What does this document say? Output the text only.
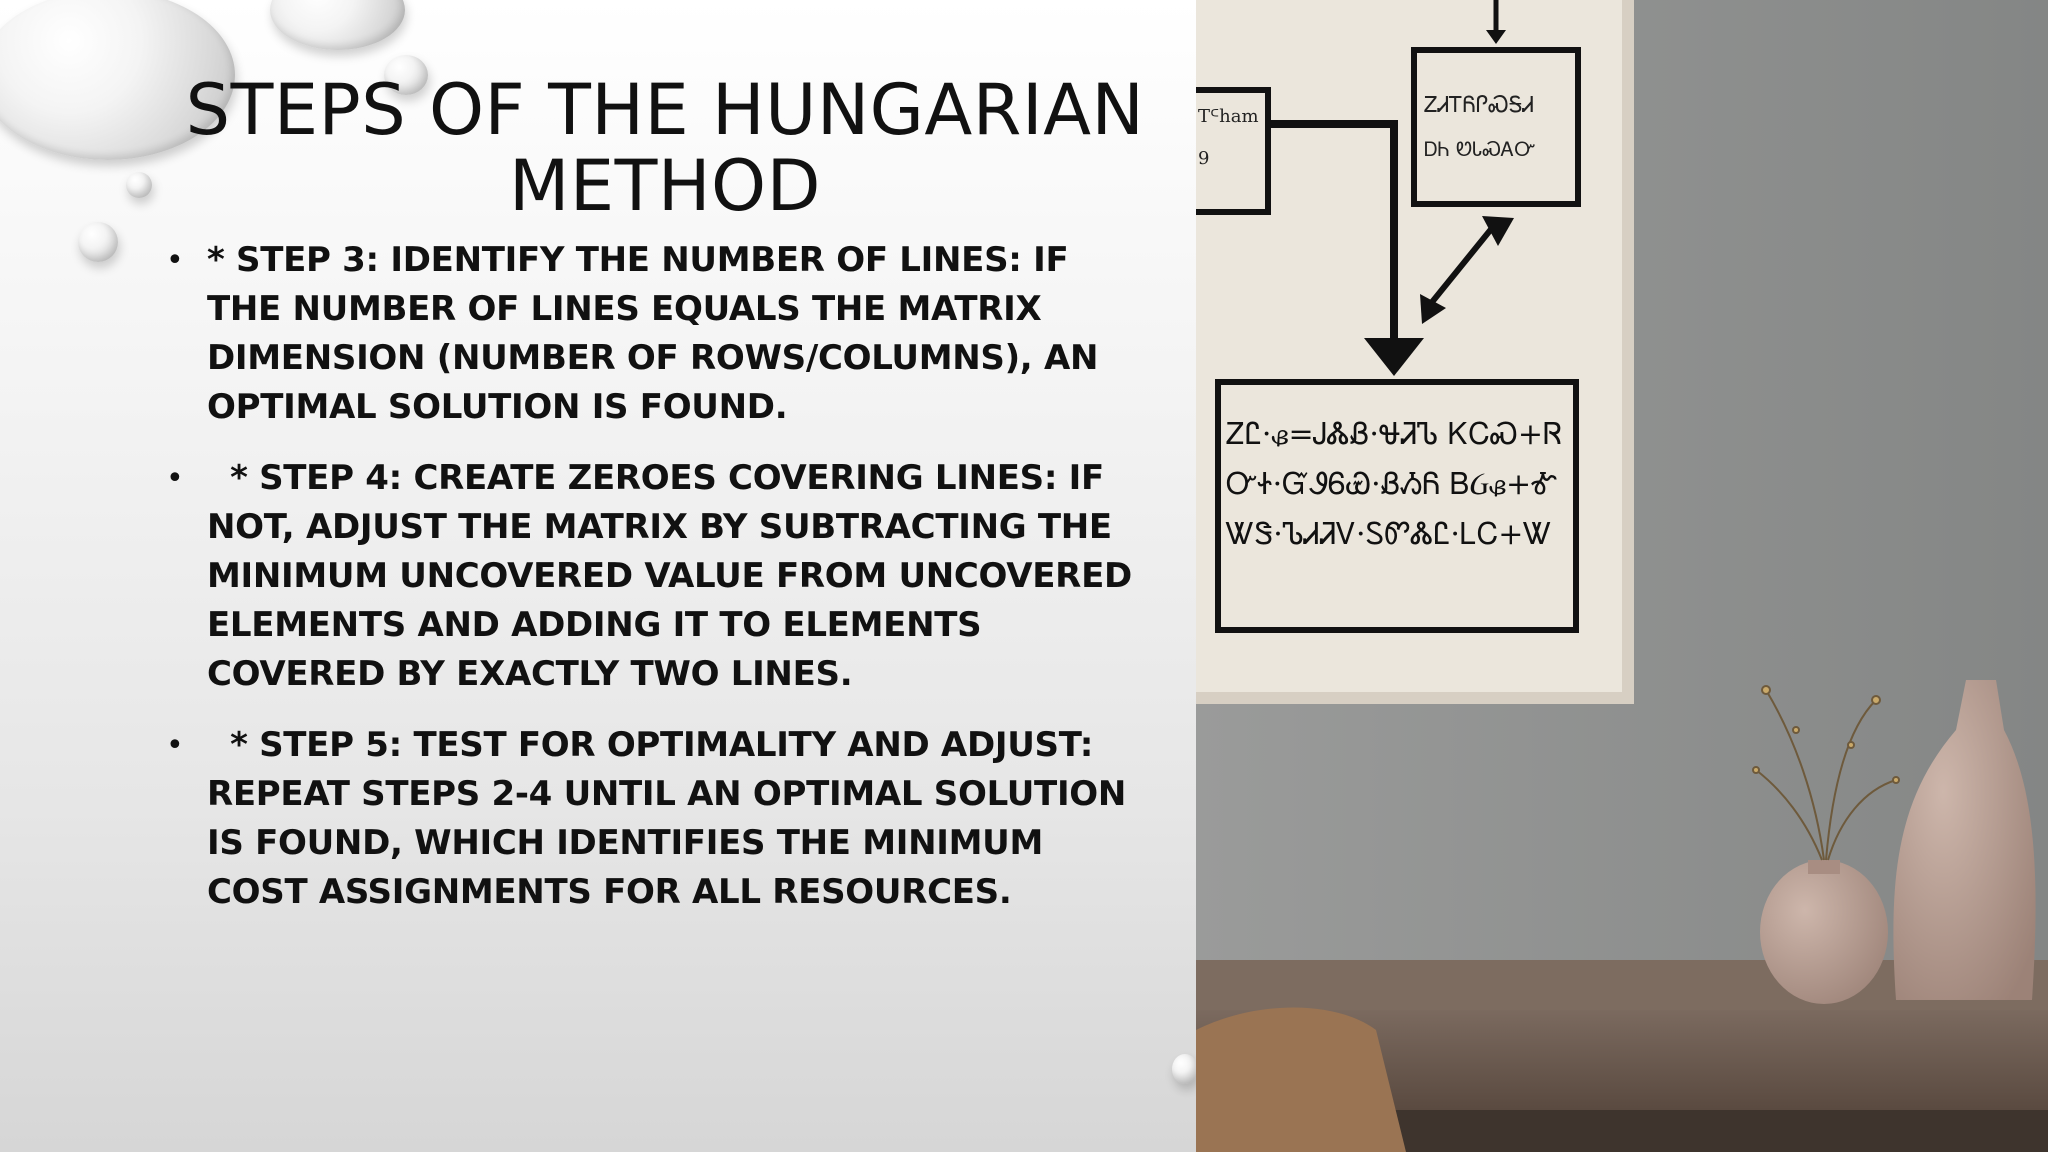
STEPS OF THE HUNGARIAN METHOD
• * STEP 3: IDENTIFY THE NUMBER OF LINES: IF THE NUMBER OF LINES EQUALS THE MATRIX DIMENSION (NUMBER OF ROWS/COLUMNS), AN OPTIMAL SOLUTION IS FOUND.
• * STEP 4: CREATE ZEROES COVERING LINES: IF NOT, ADJUST THE MATRIX BY SUBTRACTING THE MINIMUM UNCOVERED VALUE FROM UNCOVERED ELEMENTS AND ADDING IT TO ELEMENTS COVERED BY EXACTLY TWO LINES.
• * STEP 5: TEST FOR OPTIMALITY AND ADJUST: REPEAT STEPS 2-4 UNTIL AN OPTIMAL SOLUTION IS FOUND, WHICH IDENTIFIES THE MINIMUM COST ASSIGNMENTS FOR ALL RESOURCES.
ᏃᏗᎢᏲᎵᏍᎦᏗ
ᎠᏂ ᏬᏓᏍᎪᏅ
Tᒼham
9
ᏃᏝ·ᏸ=ᎫᏜᏰ·ᏠᏘᏖ ᏦᏟᏍ+Ꮢ
ᏅᏐ·ᏳᏭᏮᏯ·ᏰᏱᏲ ᏴᏵᏸ+Ꮉ
ᏔᏕ·ᏖᏗᏘᏙ·ᏚᏛᏜᏝ·ᏞᏟ+Ꮤ
